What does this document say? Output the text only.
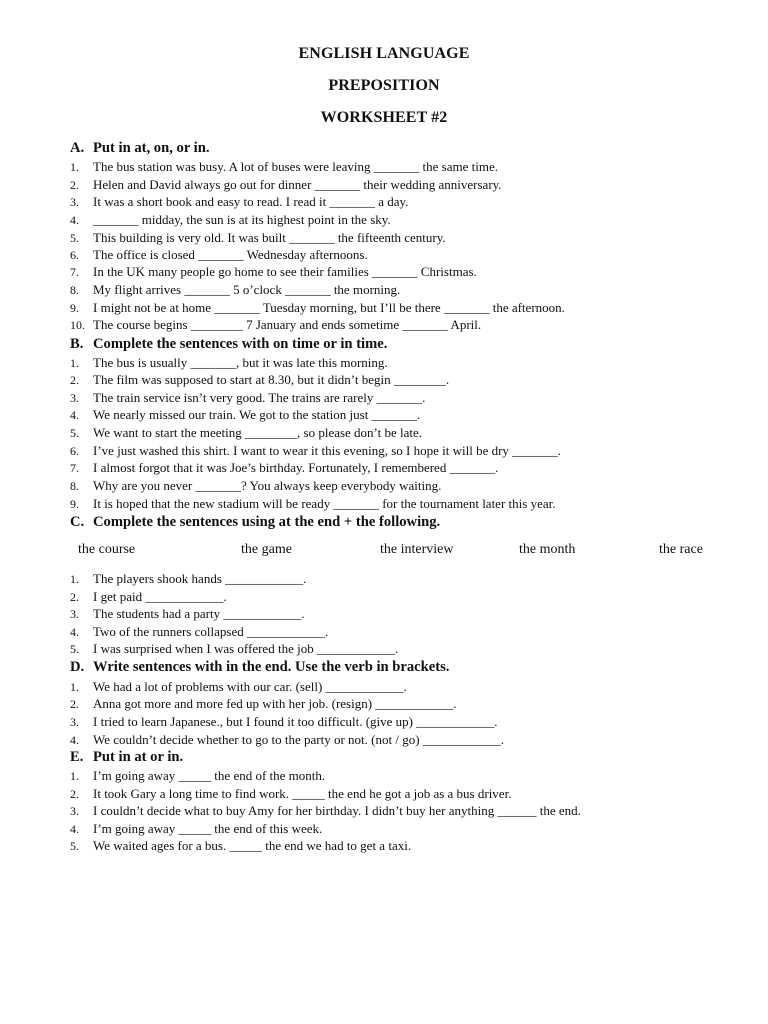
ENGLISH LANGUAGE
PREPOSITION
WORKSHEET #2
A. Put in at, on, or in.
1. The bus station was busy. A lot of buses were leaving _______ the same time.
2. Helen and David always go out for dinner _______ their wedding anniversary.
3. It was a short book and easy to read. I read it _______ a day.
4. _______ midday, the sun is at its highest point in the sky.
5. This building is very old. It was built _______ the fifteenth century.
6. The office is closed _______ Wednesday afternoons.
7. In the UK many people go home to see their families _______ Christmas.
8. My flight arrives _______ 5 o’clock _______ the morning.
9. I might not be at home _______ Tuesday morning, but I’ll be there _______ the afternoon.
10. The course begins ________ 7 January and ends sometime _______ April.
B. Complete the sentences with on time or in time.
1. The bus is usually _______, but it was late this morning.
2. The film was supposed to start at 8.30, but it didn’t begin ________.
3. The train service isn’t very good. The trains are rarely _______.
4. We nearly missed our train. We got to the station just _______.
5. We want to start the meeting ________, so please don’t be late.
6. I’ve just washed this shirt. I want to wear it this evening, so I hope it will be dry _______.
7. I almost forgot that it was Joe’s birthday. Fortunately, I remembered _______.
8. Why are you never _______? You always keep everybody waiting.
9. It is hoped that the new stadium will be ready _______ for the tournament later this year.
C. Complete the sentences using at the end + the following.
the course	the game	the interview	the month	the race
1. The players shook hands ____________.
2. I get paid ____________.
3. The students had a party ____________.
4. Two of the runners collapsed ____________.
5. I was surprised when I was offered the job ____________.
D. Write sentences with in the end. Use the verb in brackets.
1. We had a lot of problems with our car. (sell) ____________.
2. Anna got more and more fed up with her job. (resign) ____________.
3. I tried to learn Japanese., but I found it too difficult. (give up) ____________.
4. We couldn’t decide whether to go to the party or not. (not / go) ____________.
E. Put in at or in.
1. I’m going away _____ the end of the month.
2. It took Gary a long time to find work. _____ the end he got a job as a bus driver.
3. I couldn’t decide what to buy Amy for her birthday. I didn’t buy her anything ______ the end.
4. I’m going away _____ the end of this week.
5. We waited ages for a bus. _____ the end we had to get a taxi.
